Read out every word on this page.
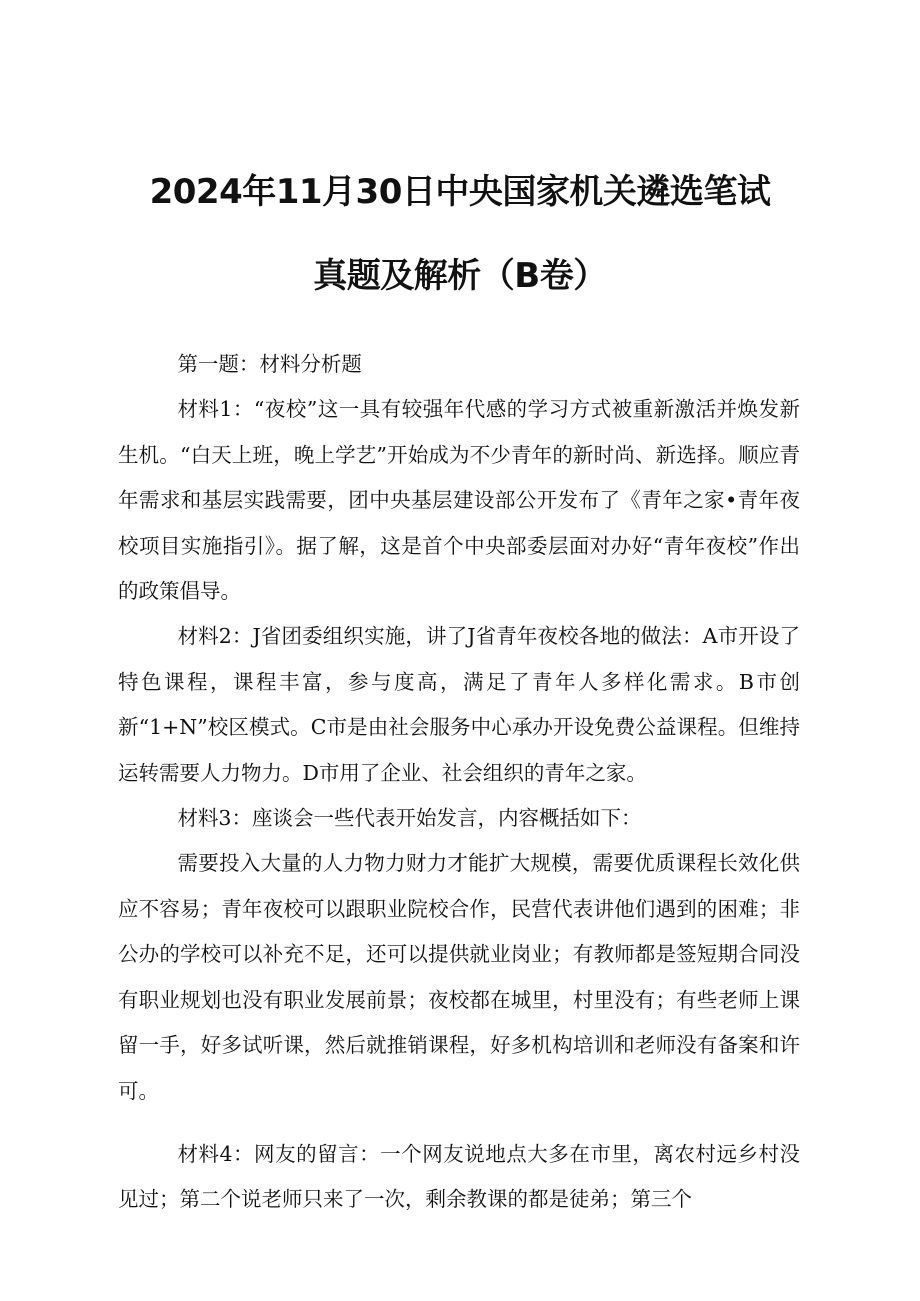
2024年11月30日中央国家机关遴选笔试
真题及解析（B卷）

第一题：材料分析题

材料1：“夜校”这一具有较强年代感的学习方式被重新激活并焕发新生机。“白天上班，晚上学艺”开始成为不少青年的新时尚、新选择。顺应青年需求和基层实践需要，团中央基层建设部公开发布了《青年之家•青年夜校项目实施指引》。据了解，这是首个中央部委层面对办好“青年夜校”作出的政策倡导。

材料2：J省团委组织实施，讲了J省青年夜校各地的做法：A市开设了特色课程，课程丰富，参与度高，满足了青年人多样化需求。B市创新“1+N”校区模式。C市是由社会服务中心承办开设免费公益课程。但维持运转需要人力物力。D市用了企业、社会组织的青年之家。

材料3：座谈会一些代表开始发言，内容概括如下：

需要投入大量的人力物力财力才能扩大规模，需要优质课程长效化供应不容易；青年夜校可以跟职业院校合作，民营代表讲他们遇到的困难；非公办的学校可以补充不足，还可以提供就业岗业；有教师都是签短期合同没有职业规划也没有职业发展前景；夜校都在城里，村里没有；有些老师上课留一手，好多试听课，然后就推销课程，好多机构培训和老师没有备案和许可。

材料4：网友的留言：一个网友说地点大多在市里，离农村远乡村没见过；第二个说老师只来了一次，剩余教课的都是徒弟；第三个
